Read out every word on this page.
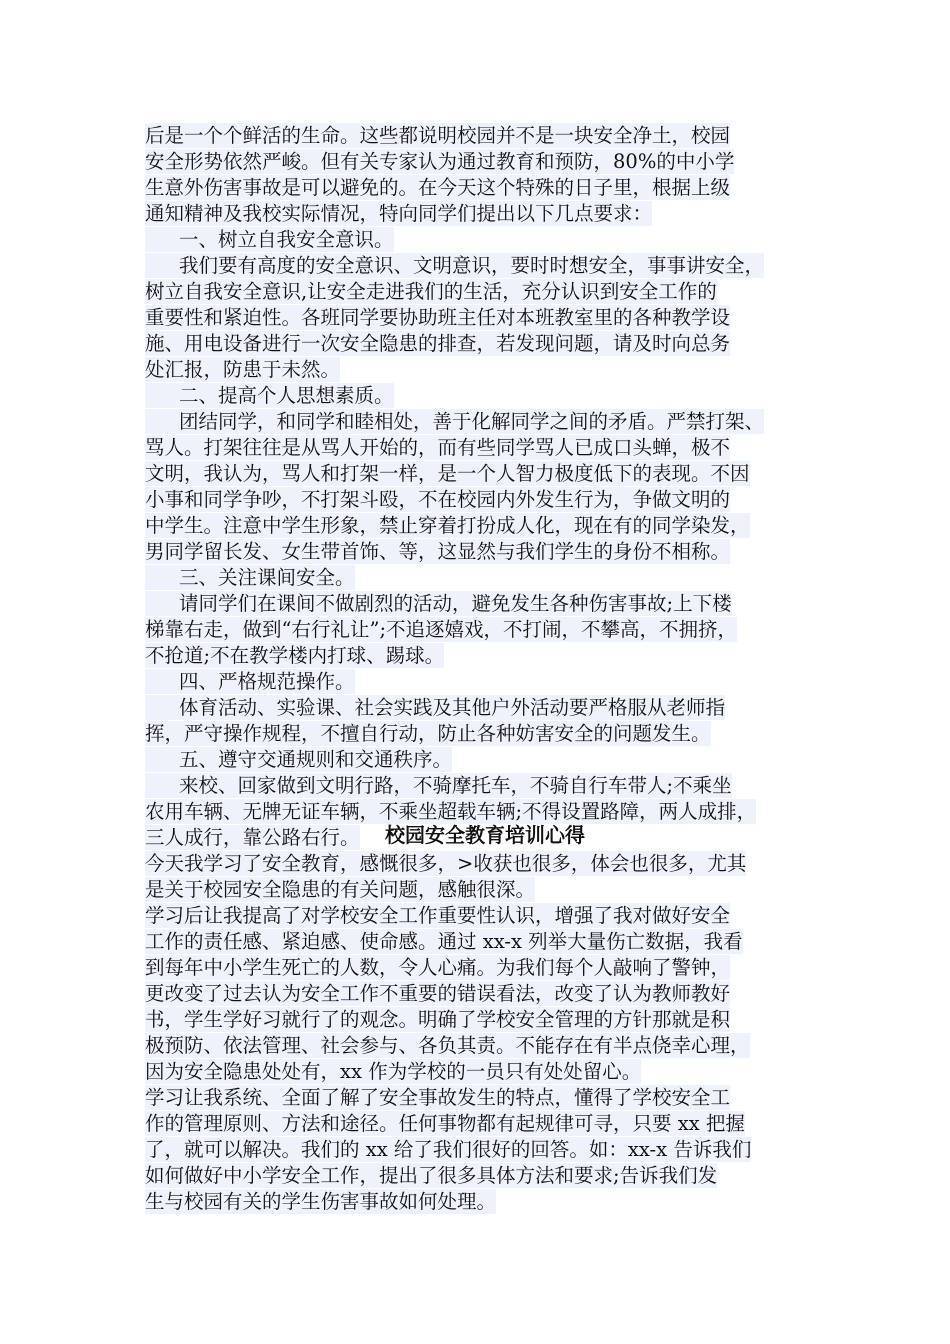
后是一个个鲜活的生命。这些都说明校园并不是一块安全净土，校园
安全形势依然严峻。但有关专家认为通过教育和预防，80%的中小学
生意外伤害事故是可以避免的。在今天这个特殊的日子里，根据上级
通知精神及我校实际情况，特向同学们提出以下几点要求：
一、树立自我安全意识。
我们要有高度的安全意识、文明意识，要时时想安全，事事讲安全，
树立自我安全意识,让安全走进我们的生活，充分认识到安全工作的
重要性和紧迫性。各班同学要协助班主任对本班教室里的各种教学设
施、用电设备进行一次安全隐患的排查，若发现问题，请及时向总务
处汇报，防患于未然。
二、提高个人思想素质。
团结同学，和同学和睦相处，善于化解同学之间的矛盾。严禁打架、
骂人。打架往往是从骂人开始的，而有些同学骂人已成口头蝉，极不
文明，我认为，骂人和打架一样，是一个人智力极度低下的表现。不因
小事和同学争吵，不打架斗殴，不在校园内外发生行为，争做文明的
中学生。注意中学生形象，禁止穿着打扮成人化，现在有的同学染发，
男同学留长发、女生带首饰、等，这显然与我们学生的身份不相称。
三、关注课间安全。
请同学们在课间不做剧烈的活动，避免发生各种伤害事故;上下楼
梯靠右走，做到“右行礼让”;不追逐嬉戏，不打闹，不攀高，不拥挤，
不抢道;不在教学楼内打球、踢球。
四、严格规范操作。
体育活动、实验课、社会实践及其他户外活动要严格服从老师指
挥，严守操作规程，不擅自行动，防止各种妨害安全的问题发生。
五、遵守交通规则和交通秩序。
来校、回家做到文明行路，不骑摩托车，不骑自行车带人;不乘坐
农用车辆、无牌无证车辆，不乘坐超载车辆;不得设置路障，两人成排，
三人成行，靠公路右行。	校园安全教育培训心得
今天我学习了安全教育，感慨很多，>收获也很多，体会也很多，尤其
是关于校园安全隐患的有关问题，感触很深。
学习后让我提高了对学校安全工作重要性认识，增强了我对做好安全
工作的责任感、紧迫感、使命感。通过 xx-x 列举大量伤亡数据，我看
到每年中小学生死亡的人数，令人心痛。为我们每个人敲响了警钟，
更改变了过去认为安全工作不重要的错误看法，改变了认为教师教好
书，学生学好习就行了的观念。明确了学校安全管理的方针那就是积
极预防、依法管理、社会参与、各负其责。不能存在有半点侥幸心理，
因为安全隐患处处有，xx 作为学校的一员只有处处留心。
学习让我系统、全面了解了安全事故发生的特点，懂得了学校安全工
作的管理原则、方法和途径。任何事物都有起规律可寻，只要 xx 把握
了，就可以解决。我们的 xx 给了我们很好的回答。如：xx-x 告诉我们
如何做好中小学安全工作，提出了很多具体方法和要求;告诉我们发
生与校园有关的学生伤害事故如何处理。
